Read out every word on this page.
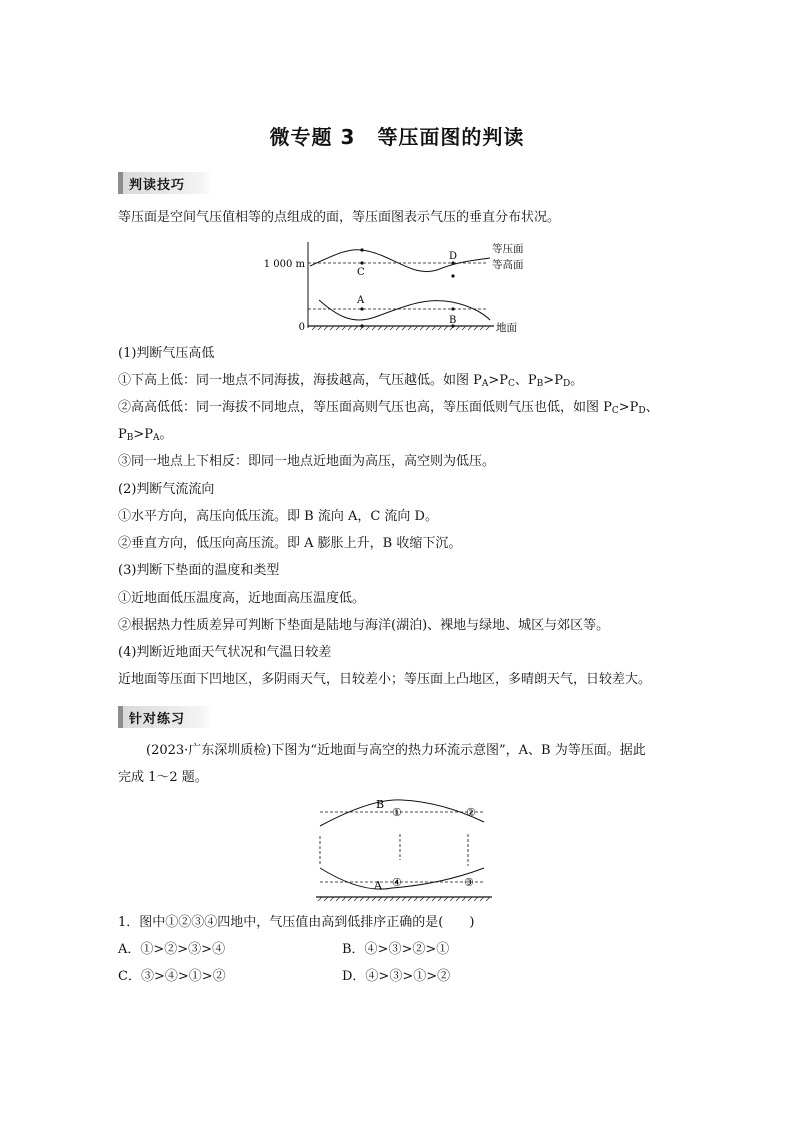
微专题 3 等压面图的判读
判读技巧
等压面是空间气压值相等的点组成的面，等压面图表示气压的垂直分布状况。
1 000 m
0
C
D
A
B
等压面
等高面
地面
(1)判断气压高低
①下高上低：同一地点不同海拔，海拔越高，气压越低。如图 $P_A>P_C$、$P_B>P_D$。
②高高低低：同一海拔不同地点，等压面高则气压也高，等压面低则气压也低，如图 $P_C>P_D$、
$P_B>P_A$。
③同一地点上下相反：即同一地点近地面为高压，高空则为低压。
(2)判断气流流向
①水平方向，高压向低压流。即 B 流向 A，C 流向 D。
②垂直方向，低压向高压流。即 A 膨胀上升，B 收缩下沉。
(3)判断下垫面的温度和类型
①近地面低压温度高，近地面高压温度低。
②根据热力性质差异可判断下垫面是陆地与海洋(湖泊)、裸地与绿地、城区与郊区等。
(4)判断近地面天气状况和气温日较差
近地面等压面下凹地区，多阴雨天气，日较差小；等压面上凸地区，多晴朗天气，日较差大。
针对练习
(2023·广东深圳质检)下图为“近地面与高空的热力环流示意图”，A、B 为等压面。据此
完成 1～2 题。
B
①	②
A ④	③
1．图中①②③④四地中，气压值由高到低排序正确的是(　　)
A．①>②>③>④	B．④>③>②>①
C．③>④>①>②	D．④>③>①>②
